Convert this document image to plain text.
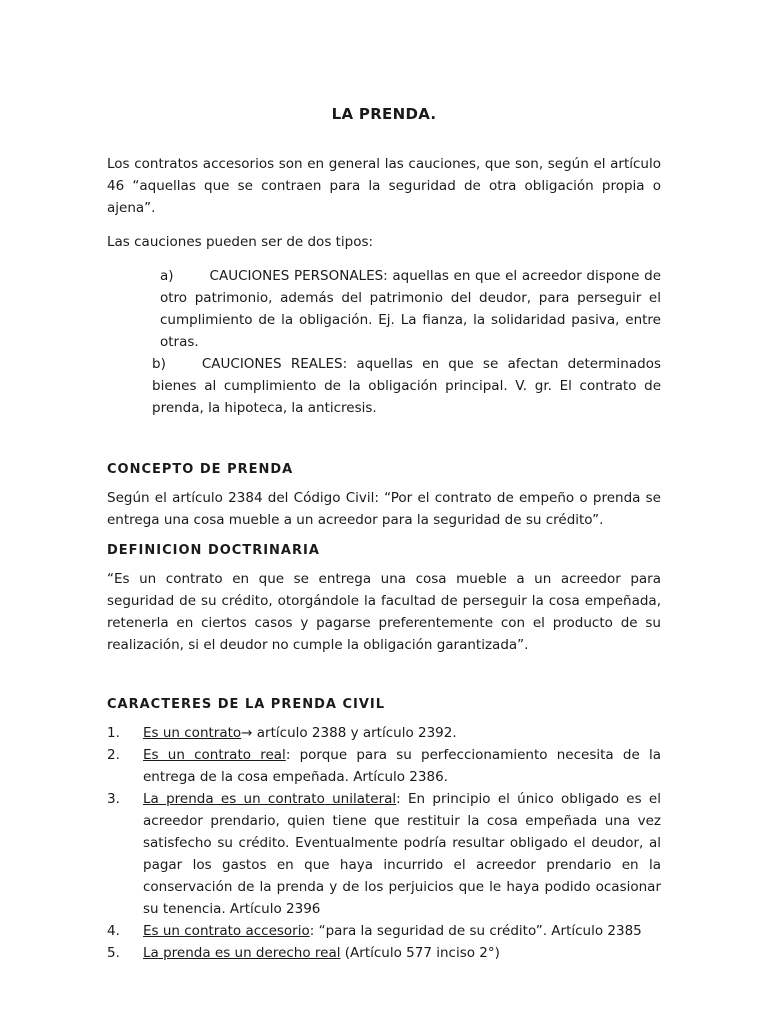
LA PRENDA.

Los contratos accesorios son en general las cauciones, que son, según el artículo 46 “aquellas que se contraen para la seguridad de otra obligación propia o ajena”.

Las cauciones pueden ser de dos tipos:

a)	CAUCIONES PERSONALES: aquellas en que el acreedor dispone de otro patrimonio, además del patrimonio del deudor, para perseguir el cumplimiento de la obligación. Ej. La fianza, la solidaridad pasiva, entre otras.
b)	CAUCIONES REALES: aquellas en que se afectan determinados bienes al cumplimiento de la obligación principal. V. gr. El contrato de prenda, la hipoteca, la anticresis.
CONCEPTO DE PRENDA

Según el artículo 2384 del Código Civil: “Por el contrato de empeño o prenda se entrega una cosa mueble a un acreedor para la seguridad de su crédito”.

DEFINICION DOCTRINARIA

“Es un contrato en que se entrega una cosa mueble a un acreedor para seguridad de su crédito, otorgándole la facultad de perseguir la cosa empeñada, retenerla en ciertos casos y pagarse preferentemente con el producto de su realización, si el deudor no cumple la obligación garantizada”.

CARACTERES DE LA PRENDA CIVIL
1.	Es un contrato→ artículo 2388 y artículo 2392.
2.	Es un contrato real: porque para su perfeccionamiento necesita de la entrega de la cosa empeñada. Artículo 2386.
3.	La prenda es un contrato unilateral: En principio el único obligado es el acreedor prendario, quien tiene que restituir la cosa empeñada una vez satisfecho su crédito. Eventualmente podría resultar obligado el deudor, al pagar los gastos en que haya incurrido el acreedor prendario en la conservación de la prenda y de los perjuicios que le haya podido ocasionar su tenencia. Artículo 2396
4.	Es un contrato accesorio: “para la seguridad de su crédito”. Artículo 2385
5.	La prenda es un derecho real (Artículo 577 inciso 2°)
